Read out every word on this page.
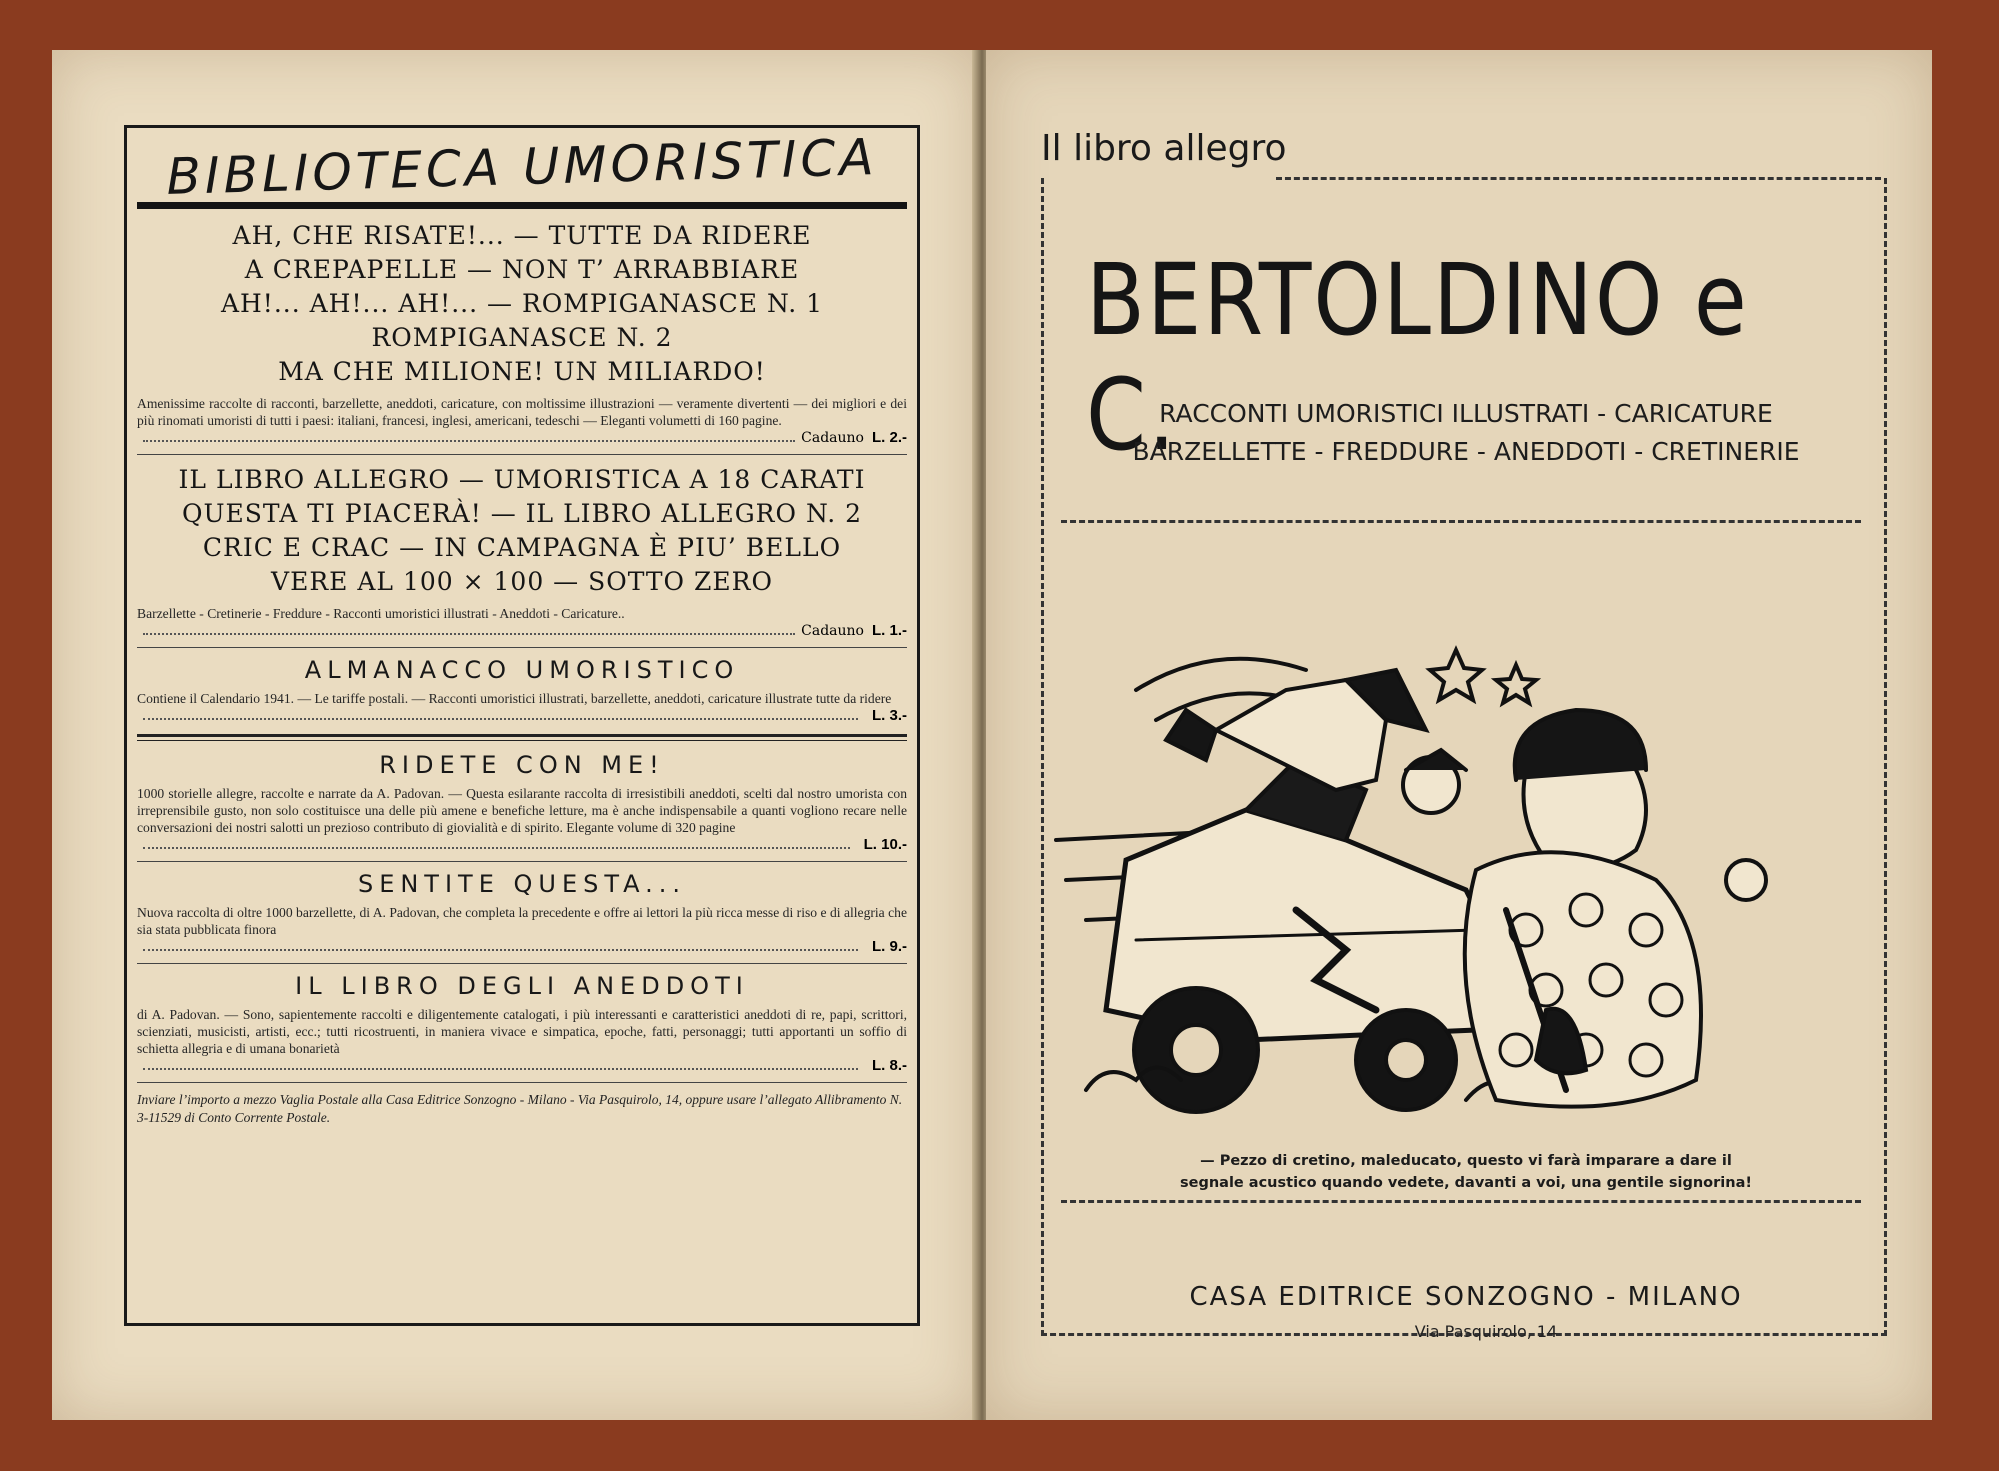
BIBLIOTECA UMORISTICA
AH, CHE RISATE!... — TUTTE DA RIDERE
A CREPAPELLE — NON T’ ARRABBIARE
AH!... AH!... AH!... — ROMPIGANASCE N. 1
ROMPIGANASCE N. 2
MA CHE MILIONE! UN MILIARDO!
Amenissime raccolte di racconti, barzellette, aneddoti, caricature, con moltissime illustrazioni — veramente divertenti — dei migliori e dei più rinomati umoristi di tutti i paesi: italiani, francesi, inglesi, americani, tedeschi — Eleganti volumetti di 160 pagine.
Cadauno L. 2.-
IL LIBRO ALLEGRO — UMORISTICA A 18 CARATI
QUESTA TI PIACERÀ! — IL LIBRO ALLEGRO N. 2
CRIC E CRAC — IN CAMPAGNA È PIU’ BELLO
VERE AL 100 × 100 — SOTTO ZERO
Barzellette - Cretinerie - Freddure - Racconti umoristici illustrati - Aneddoti - Caricature..
Cadauno L. 1.-
ALMANACCO UMORISTICO
Contiene il Calendario 1941. — Le tariffe postali. — Racconti umoristici illustrati, barzellette, aneddoti, caricature illustrate tutte da ridere
L. 3.-
RIDETE CON ME!
1000 storielle allegre, raccolte e narrate da A. Padovan. — Questa esilarante raccolta di irresistibili aneddoti, scelti dal nostro umorista con irreprensibile gusto, non solo costituisce una delle più amene e benefiche letture, ma è anche indispensabile a quanti vogliono recare nelle conversazioni dei nostri salotti un prezioso contributo di giovialità e di spirito. Elegante volume di 320 pagine
L. 10.-
SENTITE QUESTA...
Nuova raccolta di oltre 1000 barzellette, di A. Padovan, che completa la precedente e offre ai lettori la più ricca messe di riso e di allegria che sia stata pubblicata finora
L. 9.-
IL LIBRO DEGLI ANEDDOTI
di A. Padovan. — Sono, sapientemente raccolti e diligentemente catalogati, i più interessanti e caratteristici aneddoti di re, papi, scrittori, scienziati, musicisti, artisti, ecc.; tutti ricostruenti, in maniera vivace e simpatica, epoche, fatti, personaggi; tutti apportanti un soffio di schietta allegria e di umana bonarietà
L. 8.-
Inviare l’importo a mezzo Vaglia Postale alla Casa Editrice Sonzogno - Milano - Via Pasquirolo, 14, oppure usare l’allegato Allibramento N. 3-11529 di Conto Corrente Postale.
Il libro allegro
BERTOLDINO e C.
RACCONTI UMORISTICI ILLUSTRATI - CARICATURE
BARZELLETTE - FREDDURE - ANEDDOTI - CRETINERIE
— Pezzo di cretino, maleducato, questo vi farà imparare a dare il
segnale acustico quando vedete, davanti a voi, una gentile signorina!
CASA EDITRICE SONZOGNO - MILANO
Via Pasquirolo, 14
